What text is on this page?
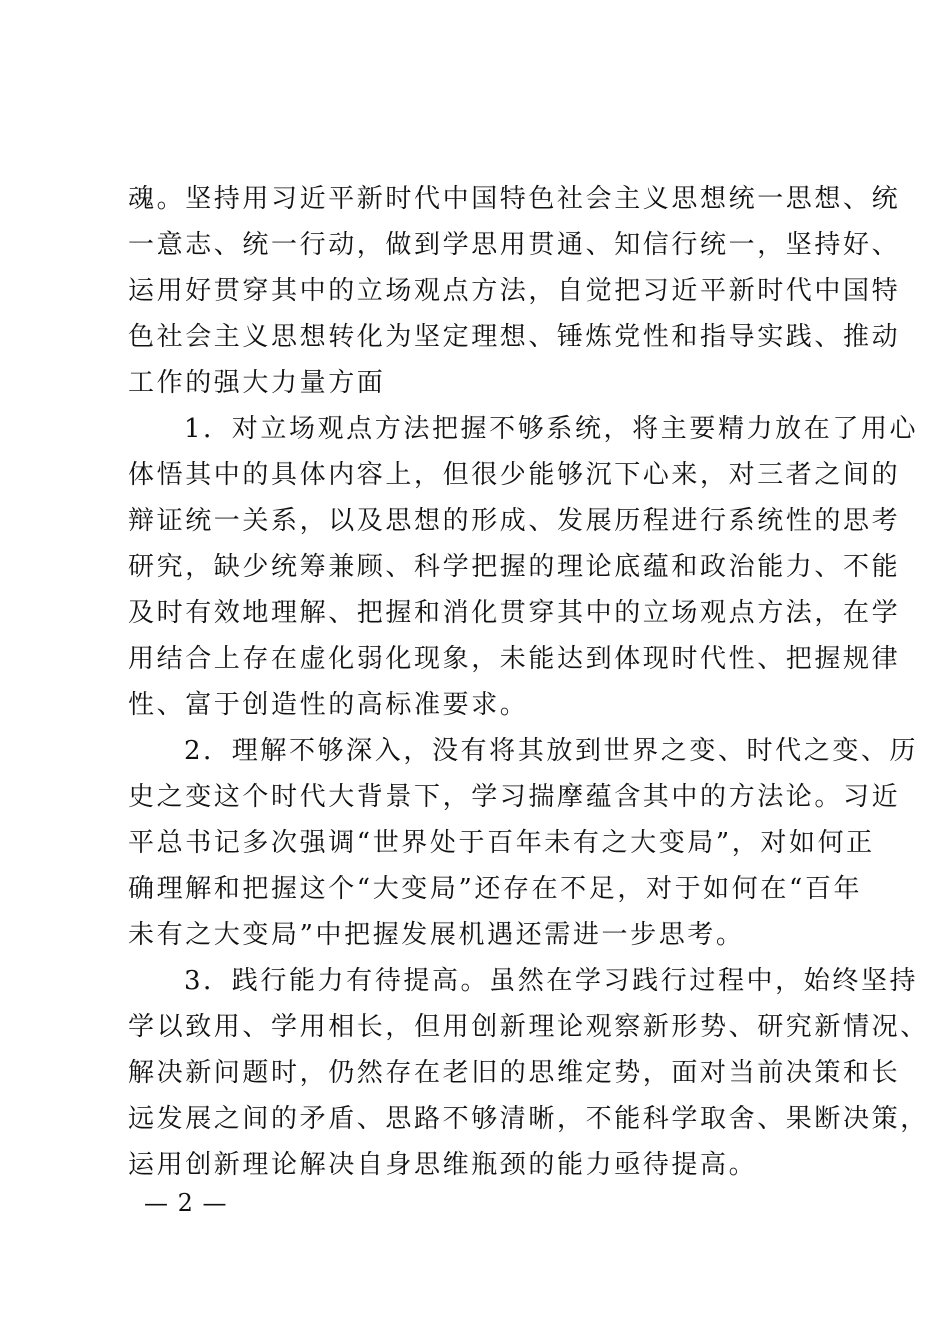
魂。坚持用习近平新时代中国特色社会主义思想统一思想、统
一意志、统一行动，做到学思用贯通、知信行统一，坚持好、
运用好贯穿其中的立场观点方法，自觉把习近平新时代中国特
色社会主义思想转化为坚定理想、锤炼党性和指导实践、推动
工作的强大力量方面

1．对立场观点方法把握不够系统，将主要精力放在了用心
体悟其中的具体内容上，但很少能够沉下心来，对三者之间的
辩证统一关系，以及思想的形成、发展历程进行系统性的思考
研究，缺少统筹兼顾、科学把握的理论底蕴和政治能力、不能
及时有效地理解、把握和消化贯穿其中的立场观点方法，在学
用结合上存在虚化弱化现象，未能达到体现时代性、把握规律
性、富于创造性的高标准要求。

2．理解不够深入，没有将其放到世界之变、时代之变、历
史之变这个时代大背景下，学习揣摩蕴含其中的方法论。习近
平总书记多次强调“世界处于百年未有之大变局”，对如何正
确理解和把握这个“大变局”还存在不足，对于如何在“百年
未有之大变局”中把握发展机遇还需进一步思考。

3．践行能力有待提高。虽然在学习践行过程中，始终坚持
学以致用、学用相长，但用创新理论观察新形势、研究新情况、
解决新问题时，仍然存在老旧的思维定势，面对当前决策和长
远发展之间的矛盾、思路不够清晰，不能科学取舍、果断决策，
运用创新理论解决自身思维瓶颈的能力亟待提高。

— 2 —
